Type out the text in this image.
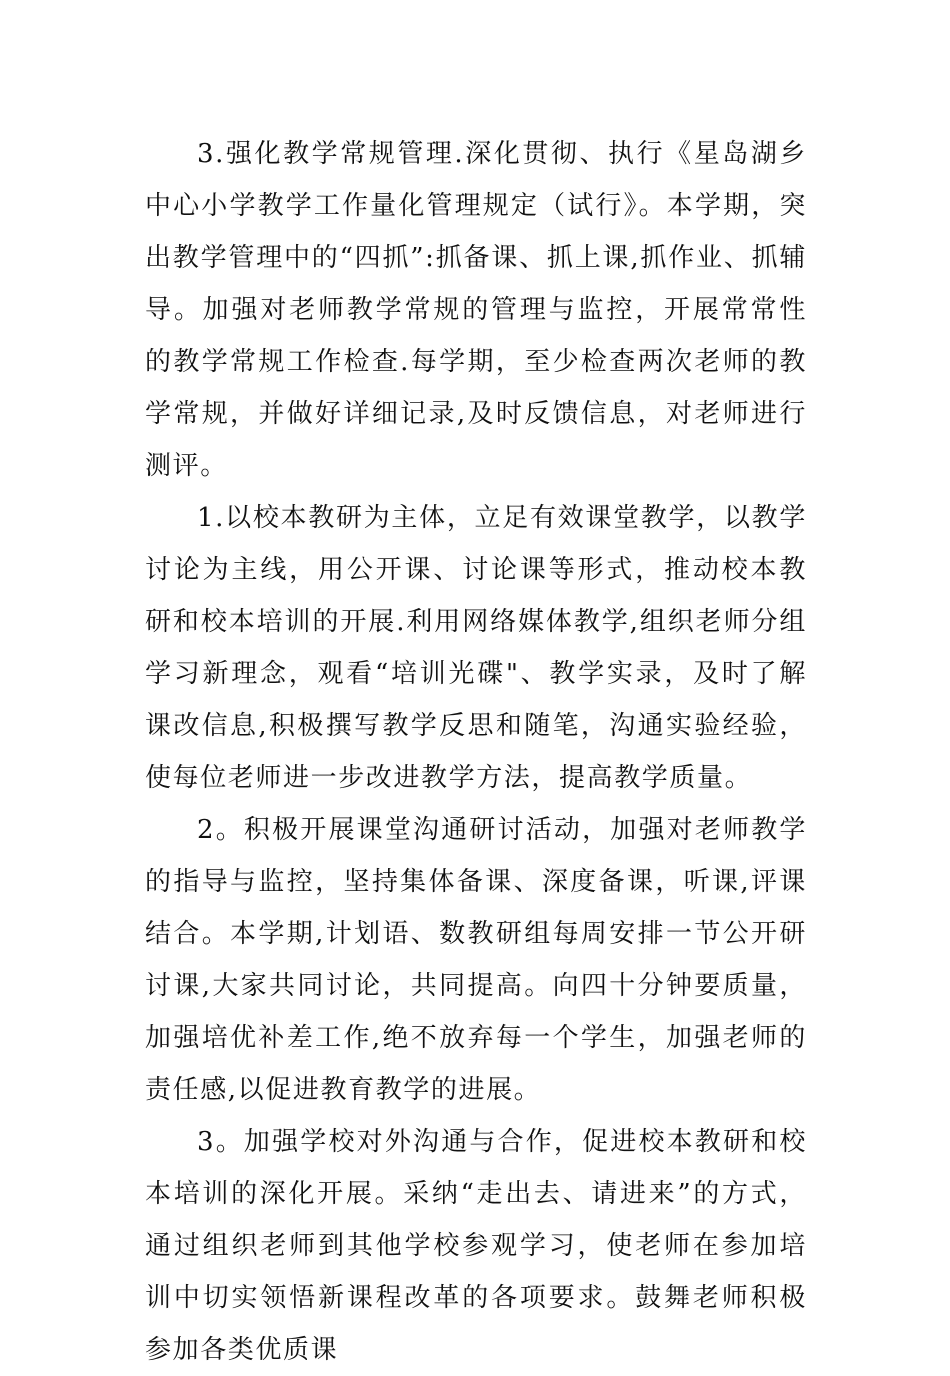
3.强化教学常规管理.深化贯彻、执行《星岛湖乡中心小学教学工作量化管理规定（试行》。本学期，突出教学管理中的“四抓”:抓备课、抓上课,抓作业、抓辅导。加强对老师教学常规的管理与监控，开展常常性的教学常规工作检查.每学期，至少检查两次老师的教学常规，并做好详细记录,及时反馈信息，对老师进行测评。

1.以校本教研为主体，立足有效课堂教学，以教学讨论为主线，用公开课、讨论课等形式，推动校本教研和校本培训的开展.利用网络媒体教学,组织老师分组学习新理念，观看“培训光碟"、教学实录，及时了解课改信息,积极撰写教学反思和随笔，沟通实验经验，使每位老师进一步改进教学方法，提高教学质量。

2。积极开展课堂沟通研讨活动，加强对老师教学的指导与监控，坚持集体备课、深度备课，听课,评课结合。本学期,计划语、数教研组每周安排一节公开研讨课,大家共同讨论，共同提高。向四十分钟要质量，加强培优补差工作,绝不放弃每一个学生，加强老师的责任感,以促进教育教学的进展。

3。加强学校对外沟通与合作，促进校本教研和校本培训的深化开展。采纳“走出去、请进来”的方式，通过组织老师到其他学校参观学习，使老师在参加培训中切实领悟新课程改革的各项要求。鼓舞老师积极参加各类优质课
